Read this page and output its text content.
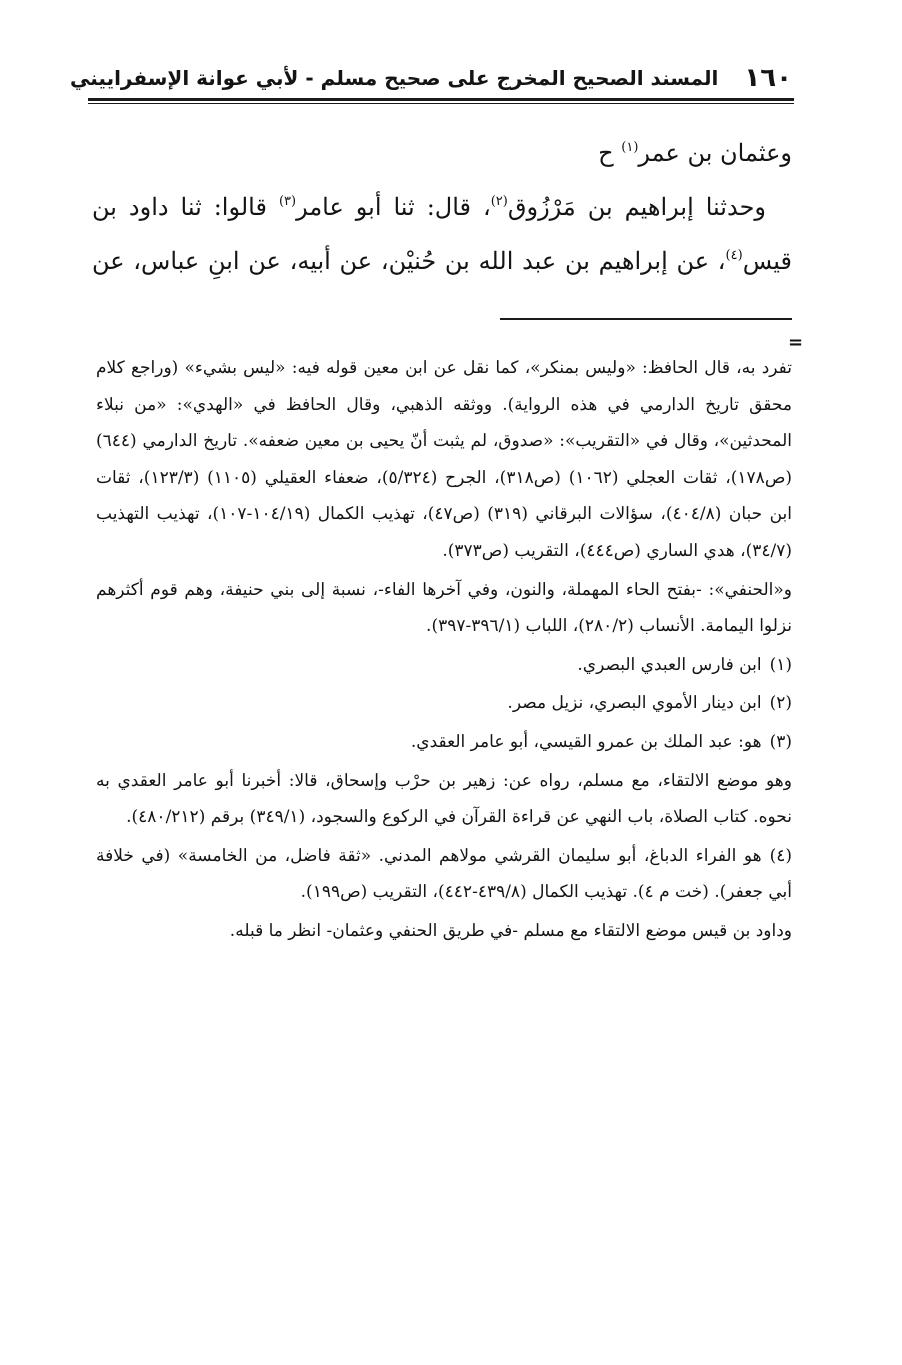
١٦٠
المسند الصحيح المخرج على صحيح مسلم - لأبي عوانة الإسفراييني

وعثمان بن عمر$^{(١)}$ ح

وحدثنا إبراهيم بن مَرْزُوق$^{(٢)}$، قال: ثنا أبو عامر$^{(٣)}$ قالوا: ثنا داود بن قيس$^{(٤)}$، عن إبراهيم بن عبد الله بن حُنيْن، عن أبيه، عن ابنِ عباس، عن

=

تفرد به، قال الحافظ: «وليس بمنكر»، كما نقل عن ابن معين قوله فيه: «ليس بشيء» (وراجع كلام محقق تاريخ الدارمي في هذه الرواية). ووثقه الذهبي، وقال الحافظ في «الهدي»: «من نبلاء المحدثين»، وقال في «التقريب»: «صدوق، لم يثبت أنّ يحيى بن معين ضعفه». تاريخ الدارمي (٦٤٤) (ص١٧٨)، ثقات العجلي (١٠٦٢) (ص٣١٨)، الجرح (٥/٣٢٤)، ضعفاء العقيلي (١١٠٥) (١٢٣/٣)، ثقات ابن حبان (٤٠٤/٨)، سؤالات البرقاني (٣١٩) (ص٤٧)، تهذيب الكمال (١٠٤/١٩-١٠٧)، تهذيب التهذيب (٣٤/٧)، هدي الساري (ص٤٤٤)، التقريب (ص٣٧٣).

و«الحنفي»: -بفتح الحاء المهملة، والنون، وفي آخرها الفاء-، نسبة إلى بني حنيفة، وهم قوم أكثرهم نزلوا اليمامة. الأنساب (٢٨٠/٢)، اللباب (٣٩٦/١-٣٩٧).

(١)ابن فارس العبدي البصري.

(٢)ابن دينار الأموي البصري، نزيل مصر.

(٣)هو: عبد الملك بن عمرو القيسي، أبو عامر العقدي.

وهو موضع الالتقاء، مع مسلم، رواه عن: زهير بن حرْب وإسحاق، قالا: أخبرنا أبو عامر العقدي به نحوه. كتاب الصلاة، باب النهي عن قراءة القرآن في الركوع والسجود، (٣٤٩/١) برقم (٤٨٠/٢١٢).

(٤)هو الفراء الدباغ، أبو سليمان القرشي مولاهم المدني. «ثقة فاضل، من الخامسة» (في خلافة أبي جعفر). (خت م ٤). تهذيب الكمال (٤٣٩/٨-٤٤٢)، التقريب (ص١٩٩).

وداود بن قيس موضع الالتقاء مع مسلم -في طريق الحنفي وعثمان- انظر ما قبله.
